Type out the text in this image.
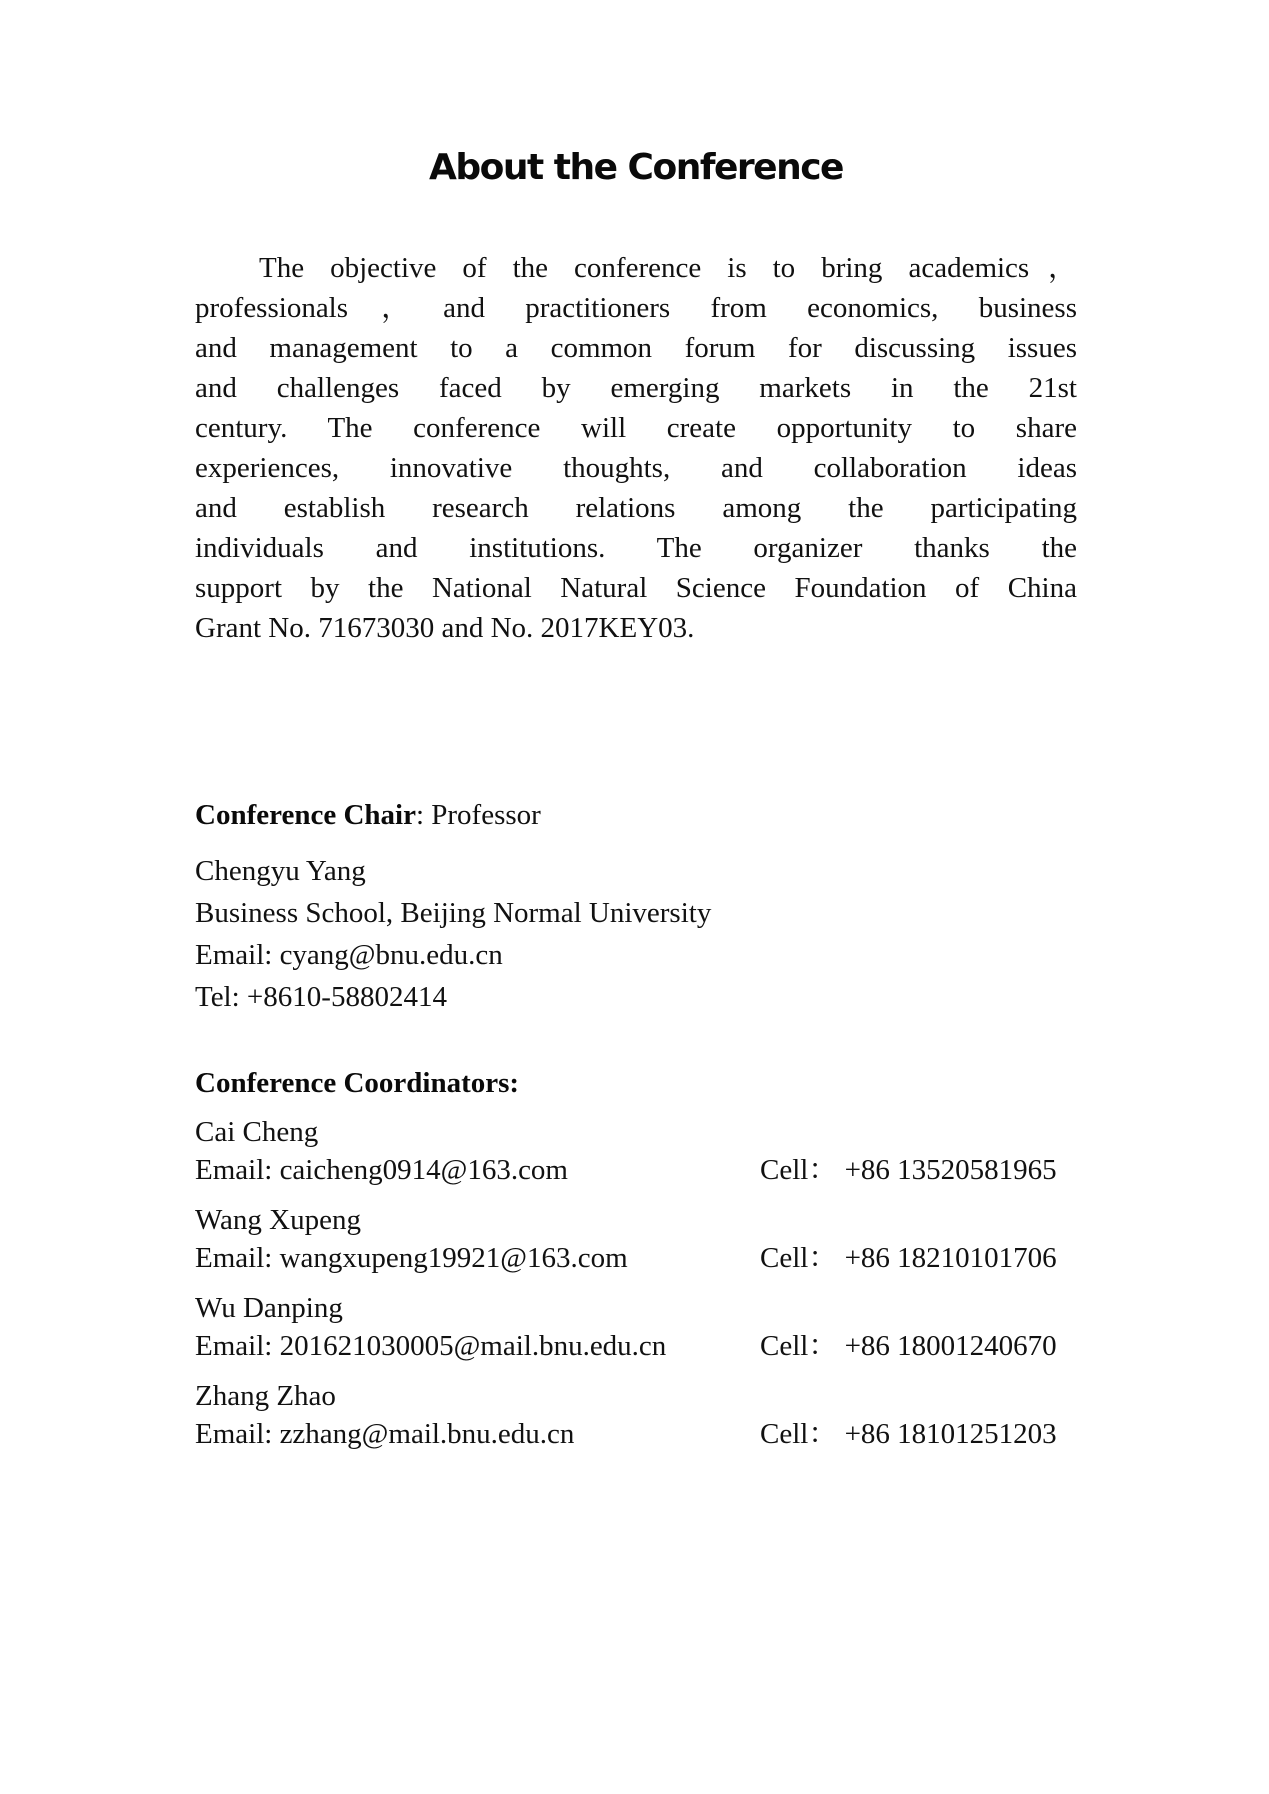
About the Conference
The objective of the conference is to bring academics，
professionals，and practitioners from economics, business
and management to a common forum for discussing issues
and challenges faced by emerging markets in the 21st
century. The conference will create opportunity to share
experiences, innovative thoughts, and collaboration ideas
and establish research relations among the participating
individuals and institutions. The organizer thanks the
support by the National Natural Science Foundation of China
Grant No. 71673030 and No. 2017KEY03.
Conference Chair: Professor
Chengyu Yang
Business School, Beijing Normal University
Email: cyang@bnu.edu.cn
Tel: +8610-58802414
Conference Coordinators:
Cai Cheng
Email: caicheng0914@163.com	Cell： +86 13520581965
Wang Xupeng
Email: wangxupeng19921@163.com	Cell： +86 18210101706
Wu Danping
Email: 201621030005@mail.bnu.edu.cn	Cell： +86 18001240670
Zhang Zhao
Email: zzhang@mail.bnu.edu.cn	Cell： +86 18101251203
